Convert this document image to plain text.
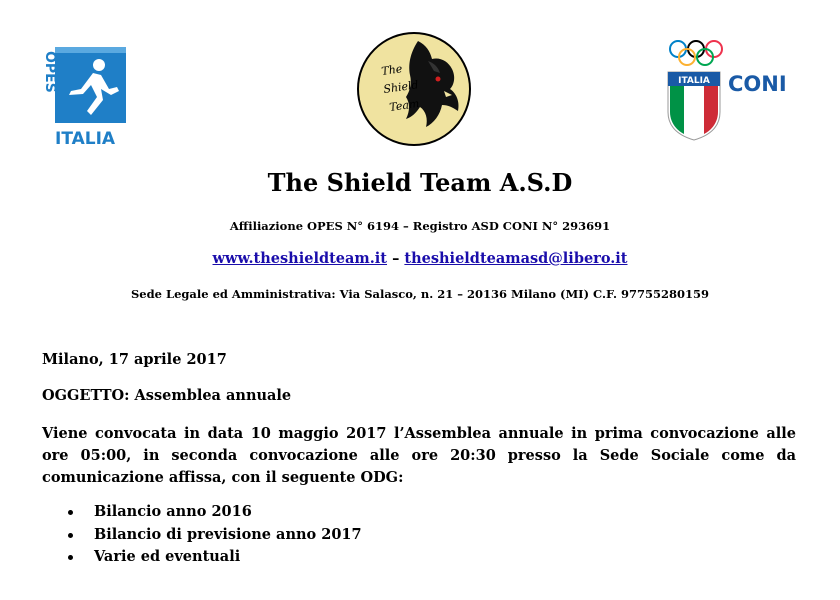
OPES
ITALIA
The
Shield
Team
ITALIA CONI
The Shield Team A.S.D
Affiliazione OPES N° 6194 – Registro ASD CONI N° 293691
www.theshieldteam.it – theshieldteamasd@libero.it
Sede Legale ed Amministrativa: Via Salasco, n. 21 – 20136 Milano (MI) C.F. 97755280159
Milano, 17 aprile 2017
OGGETTO: Assemblea annuale
Viene convocata in data 10 maggio 2017 l’Assemblea annuale in prima convocazione alle ore 05:00, in seconda convocazione alle ore 20:30 presso la Sede Sociale come da comunicazione affissa, con il seguente ODG:
Bilancio anno 2016
Bilancio di previsione anno 2017
Varie ed eventuali
